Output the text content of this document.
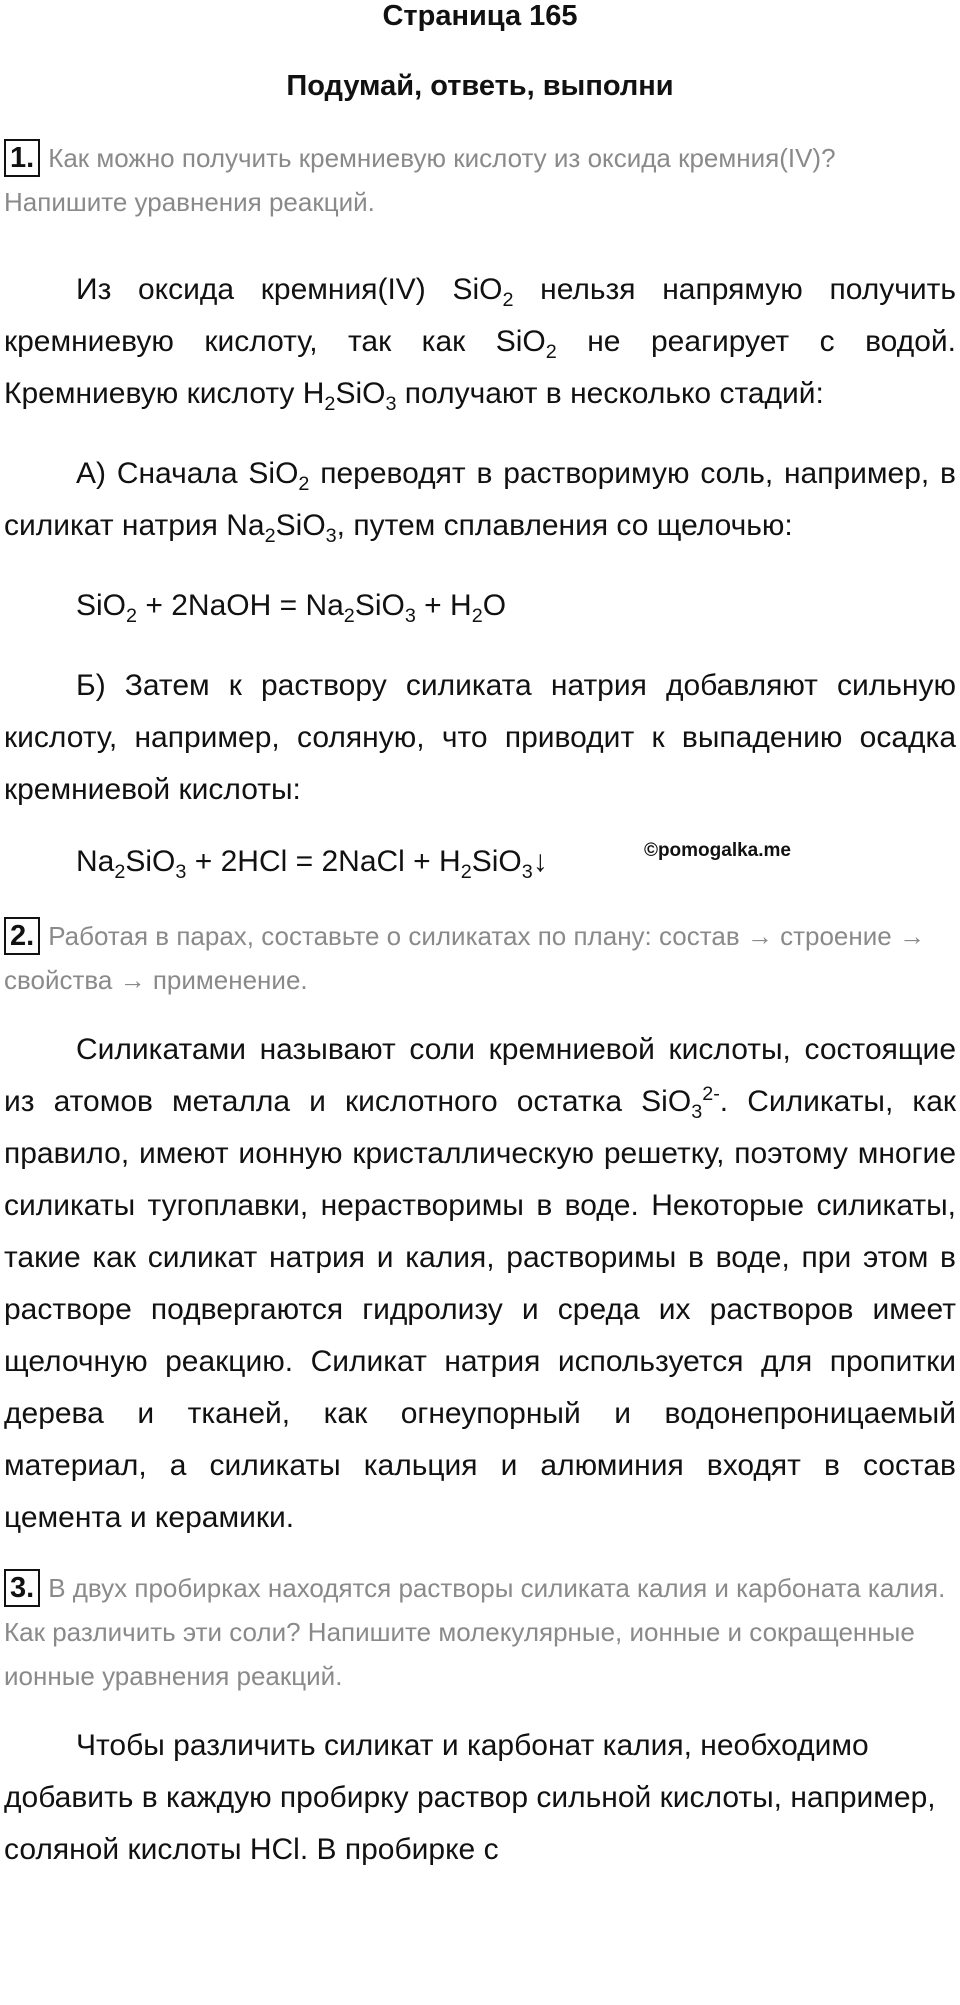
Страница 165
Подумай, ответь, выполни
1. Как можно получить кремниевую кислоту из оксида кремния(IV)? Напишите уравнения реакций.

Из оксида кремния(IV) SiO$_2$ нельзя напрямую получить кремниевую кислоту, так как SiO$_2$ не реагирует с водой. Кремниевую кислоту $H_2SiO_3$ получают в несколько стадий:

А) Сначала SiO$_2$ переводят в растворимую соль, например, в силикат натрия $Na_2SiO_3$, путем сплавления со щелочью:

SiO$_2$ + 2NaOH = $Na_2SiO_3 + H_2O$

Б) Затем к раствору силиката натрия добавляют сильную кислоту, например, соляную, что приводит к выпадению осадка кремниевой кислоты:

$Na_2SiO_3 + 2HCl$ = 2NaCl + $H_2SiO_3↓$	©pomogalka.me
2. Работая в парах, составьте о силикатах по плану: состав → строение → свойства → применение.

Силикатами называют соли кремниевой кислоты, состоящие из атомов металла и кислотного остатка SiO$_3^{2-}$. Силикаты, как правило, имеют ионную кристаллическую решетку, поэтому многие силикаты тугоплавки, нерастворимы в воде. Некоторые силикаты, такие как силикат натрия и калия, растворимы в воде, при этом в растворе подвергаются гидролизу и среда их растворов имеет щелочную реакцию. Силикат натрия используется для пропитки дерева и тканей, как огнеупорный и водонепроницаемый материал, а силикаты кальция и алюминия входят в состав цемента и керамики.

3. В двух пробирках находятся растворы силиката калия и карбоната калия. Как различить эти соли? Напишите молекулярные, ионные и сокращенные ионные уравнения реакций.

Чтобы различить силикат и карбонат калия, необходимо добавить в каждую пробирку раствор сильной кислоты, например, соляной кислоты HCl. В пробирке с
